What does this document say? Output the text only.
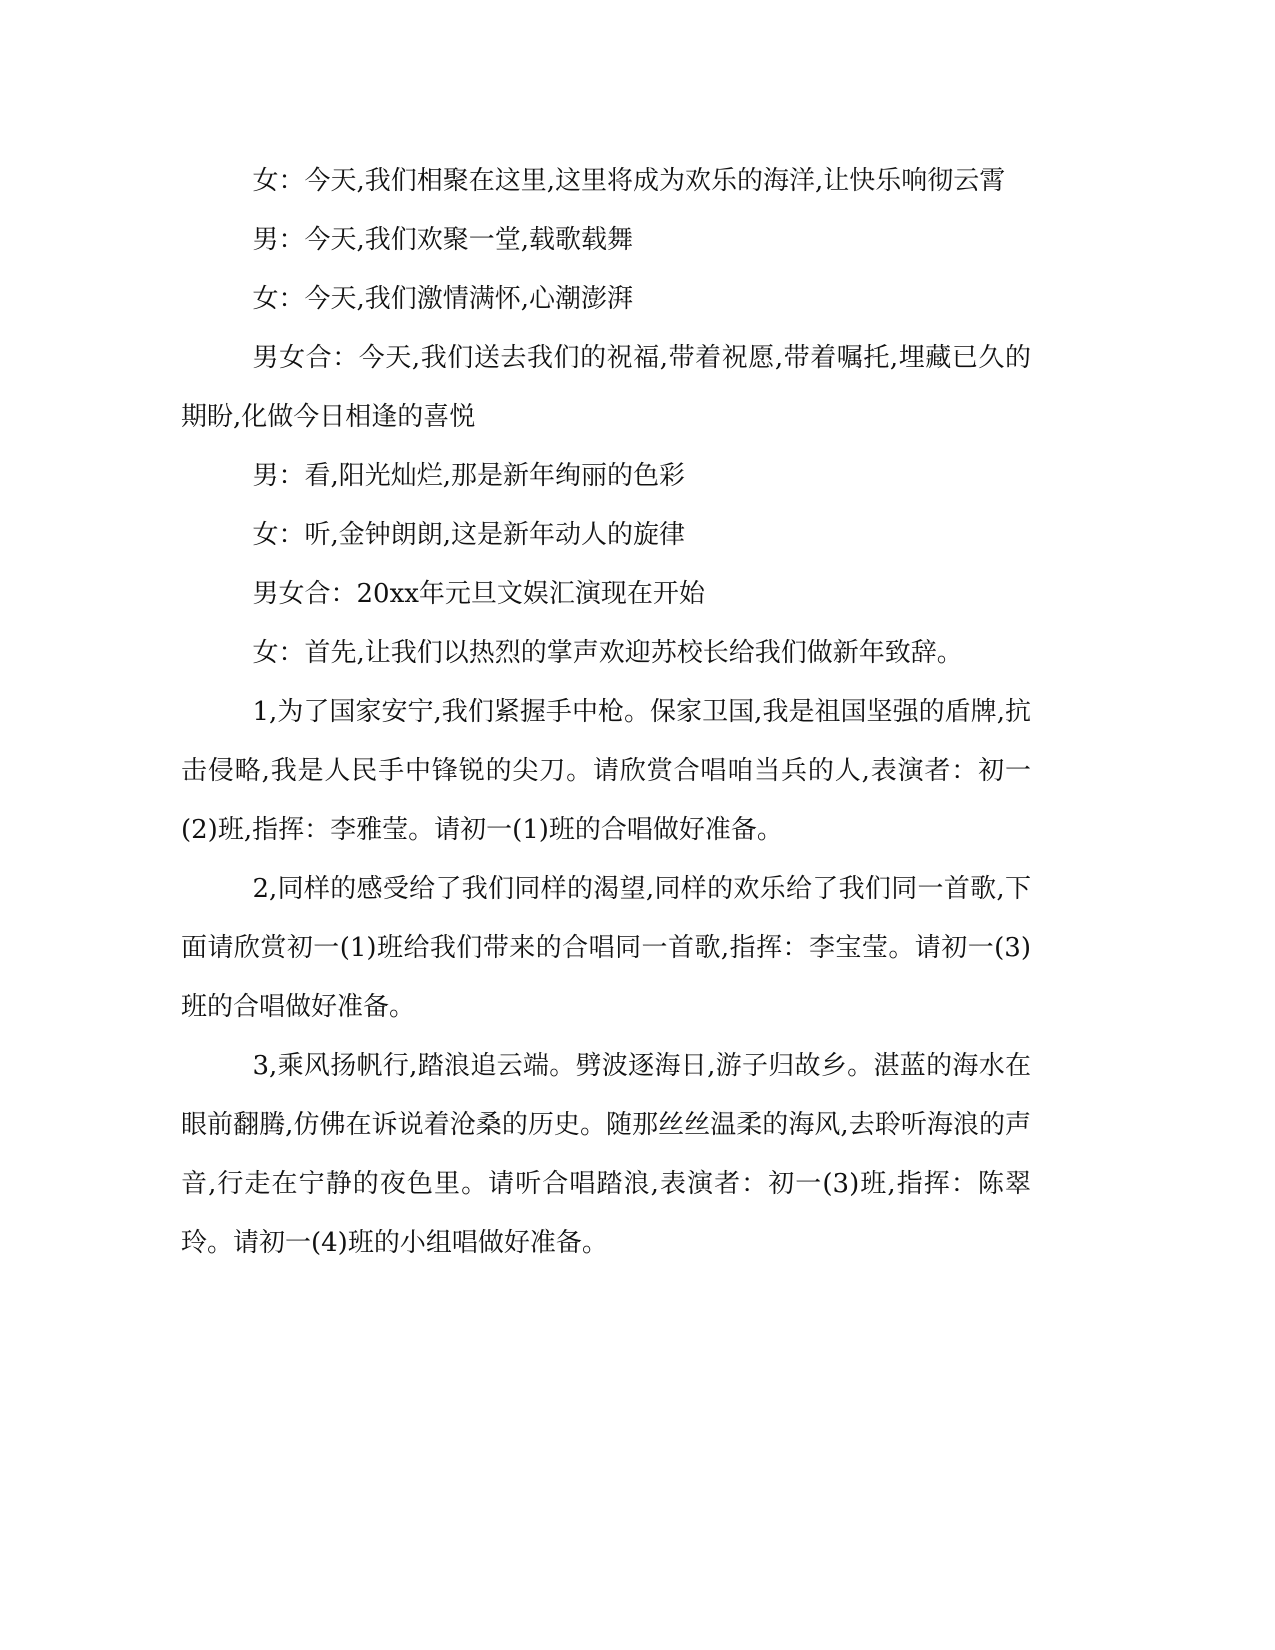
女：今天,我们相聚在这里,这里将成为欢乐的海洋,让快乐响彻云霄

男：今天,我们欢聚一堂,载歌载舞

女：今天,我们激情满怀,心潮澎湃

男女合：今天,我们送去我们的祝福,带着祝愿,带着嘱托,埋藏已久的期盼,化做今日相逢的喜悦

男：看,阳光灿烂,那是新年绚丽的色彩

女：听,金钟朗朗,这是新年动人的旋律

男女合：20xx年元旦文娱汇演现在开始

女：首先,让我们以热烈的掌声欢迎苏校长给我们做新年致辞。

1,为了国家安宁,我们紧握手中枪。保家卫国,我是祖国坚强的盾牌,抗击侵略,我是人民手中锋锐的尖刀。请欣赏合唱咱当兵的人,表演者：初一(2)班,指挥：李雅莹。请初一(1)班的合唱做好准备。

2,同样的感受给了我们同样的渴望,同样的欢乐给了我们同一首歌,下面请欣赏初一(1)班给我们带来的合唱同一首歌,指挥：李宝莹。请初一(3)班的合唱做好准备。

3,乘风扬帆行,踏浪追云端。劈波逐海日,游子归故乡。湛蓝的海水在眼前翻腾,仿佛在诉说着沧桑的历史。随那丝丝温柔的海风,去聆听海浪的声音,行走在宁静的夜色里。请听合唱踏浪,表演者：初一(3)班,指挥：陈翠玲。请初一(4)班的小组唱做好准备。
